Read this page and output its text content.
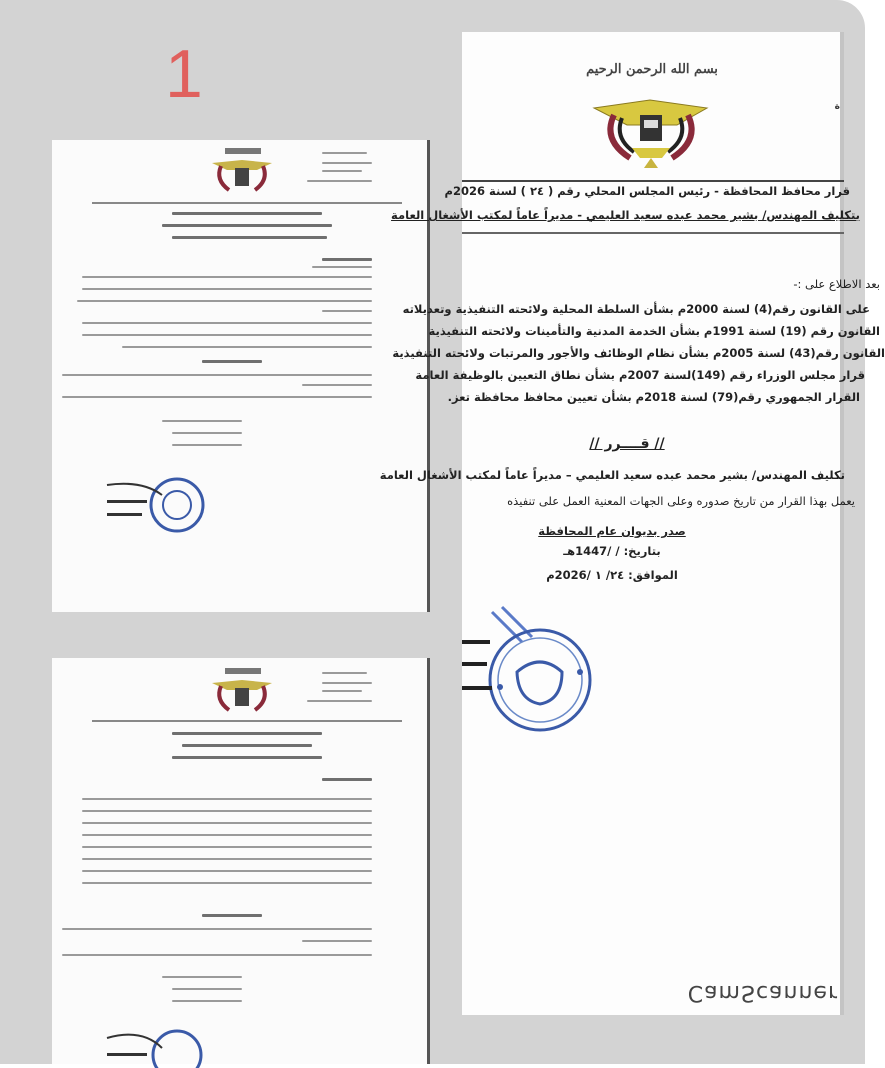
1	بسم الله الرحمن الرحيم
ة
قرار محافظ المحافظة - رئيس المجلس المحلي رقم ( ٢٤ ) لسنة 2026م
بتكليف المهندس/ بشير محمد عبده سعيد العليمي - مديراً عاماً لمكتب الأشغال العامة
بعد الاطلاع على :-
على القانون رقم(4) لسنة 2000م بشأن السلطة المحلية ولائحته التنفيذية وتعديلاته
القانون رقم (19) لسنة 1991م بشأن الخدمة المدنية والتأمينات ولائحته التنفيذية
القانون رقم(43) لسنة 2005م بشأن نظام الوظائف والأجور والمرتبات ولائحته التنفيذية
قرار مجلس الوزراء رقم (149)لسنة 2007م بشأن نطاق التعيين بالوظيفة العامة
القرار الجمهوري رقم(79) لسنة 2018م بشأن تعيين محافظ محافظة تعز.
// قــــرر //
تكليف المهندس/ بشير محمد عبده سعيد العليمي – مديراً عاماً لمكتب الأشغال العامة
يعمل بهذا القرار من تاريخ صدوره وعلى الجهات المعنية العمل على تنفيذه
صدر بديوان عام المحافظة
بتاريخ: / /1447هـ
الموافق: ٢٤/ ١ /2026م
CamScanner
